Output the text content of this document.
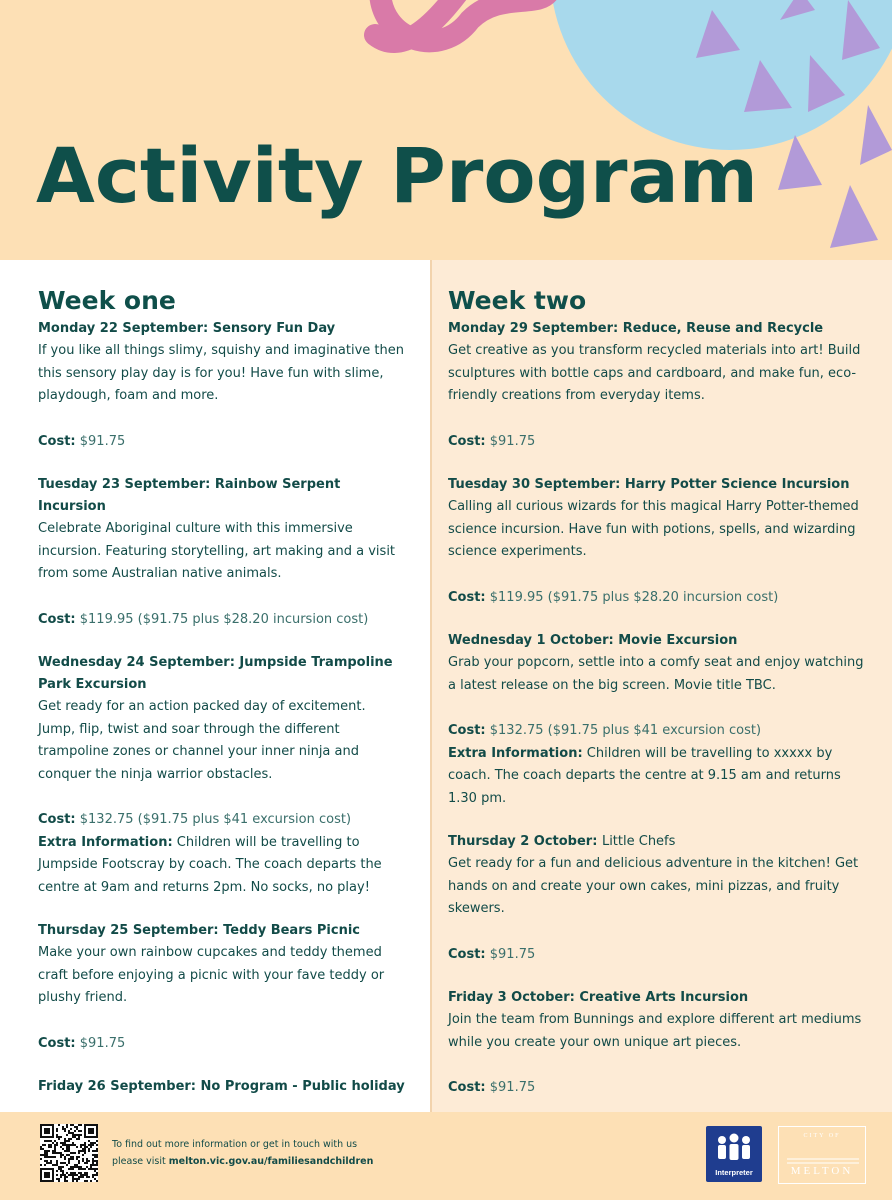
Activity Program
Week one
Monday 22 September: Sensory Fun Day
If you like all things slimy, squishy and imaginative then this sensory play day is for you! Have fun with slime, playdough, foam and more.
Cost: $91.75
Tuesday 23 September: Rainbow Serpent Incursion
Celebrate Aboriginal culture with this immersive incursion. Featuring storytelling, art making and a visit from some Australian native animals.
Cost: $119.95 ($91.75 plus $28.20 incursion cost)
Wednesday 24 September: Jumpside Trampoline Park Excursion
Get ready for an action packed day of excitement. Jump, flip, twist and soar through the different trampoline zones or channel your inner ninja and conquer the ninja warrior obstacles.
Cost: $132.75 ($91.75 plus $41 excursion cost)
Extra Information: Children will be travelling to Jumpside Footscray by coach. The coach departs the centre at 9am and returns 2pm. No socks, no play!
Thursday 25 September: Teddy Bears Picnic
Make your own rainbow cupcakes and teddy themed craft before enjoying a picnic with your fave teddy or plushy friend.
Cost: $91.75
Friday 26 September: No Program - Public holiday
Week two
Monday 29 September: Reduce, Reuse and Recycle
Get creative as you transform recycled materials into art! Build sculptures with bottle caps and cardboard, and make fun, eco-friendly creations from everyday items.
Cost: $91.75
Tuesday 30 September: Harry Potter Science Incursion
Calling all curious wizards for this magical Harry Potter-themed science incursion. Have fun with potions, spells, and wizarding science experiments.
Cost: $119.95 ($91.75 plus $28.20 incursion cost)
Wednesday 1 October: Movie Excursion
Grab your popcorn, settle into a comfy seat and enjoy watching a latest release on the big screen. Movie title TBC.
Cost: $132.75 ($91.75 plus $41 excursion cost)
Extra Information: Children will be travelling to xxxxx by coach. The coach departs the centre at 9.15 am and returns 1.30 pm.
Thursday 2 October: Little Chefs
Get ready for a fun and delicious adventure in the kitchen! Get hands on and create your own cakes, mini pizzas, and fruity skewers.
Cost: $91.75
Friday 3 October: Creative Arts Incursion
Join the team from Bunnings and explore different art mediums while you create your own unique art pieces.
Cost: $91.75
To find out more information or get in touch with us
please visit melton.vic.gov.au/familiesandchildren
Interpreter
CITY OF
MELTON
